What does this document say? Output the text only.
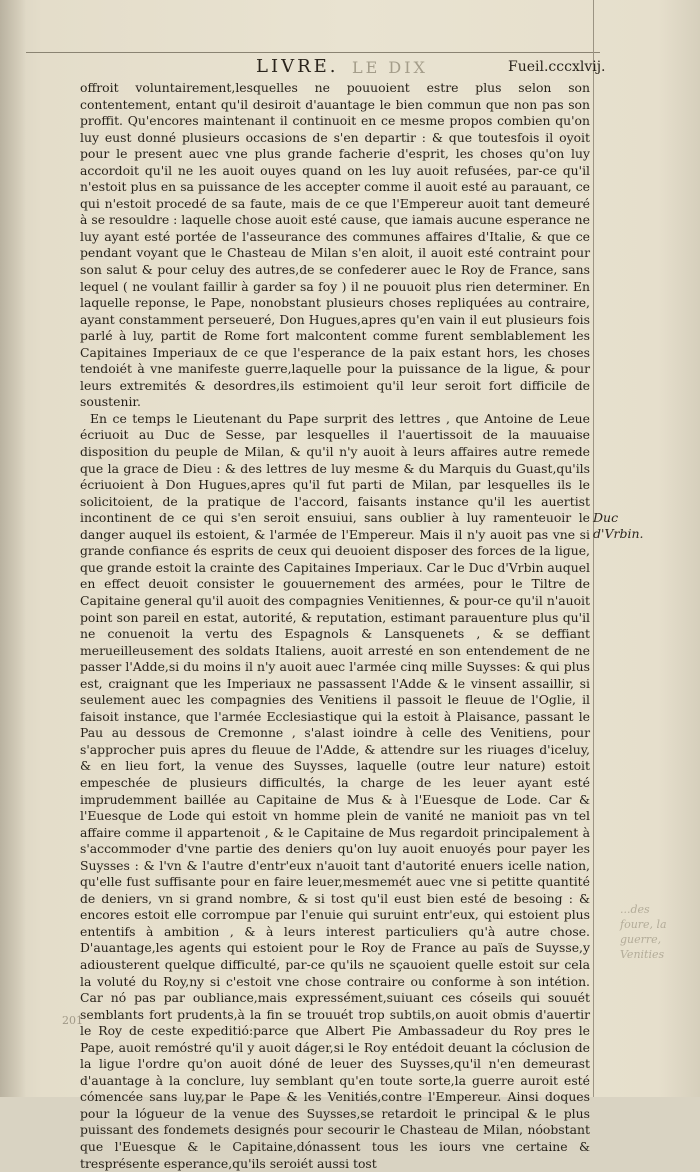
LIVRE. LE DIX	Fueil.cccxlvij.

offroit voluntairement,lesquelles ne pouuoient estre plus selon son contentement, entant qu'il desiroit d'auantage le bien commun que non pas son proffit. Qu'encores maintenant il continuoit en ce mesme propos combien qu'on luy eust donné plusieurs occasions de s'en departir : & que toutesfois il oyoit pour le present auec vne plus grande facherie d'esprit, les choses qu'on luy accordoit qu'il ne les auoit ouyes quand on les luy auoit refusées, par-ce qu'il n'estoit plus en sa puissance de les accepter comme il auoit esté au parauant, ce qui n'estoit procedé de sa faute, mais de ce que l'Empereur auoit tant demeuré à se resouldre : laquelle chose auoit esté cause, que iamais aucune esperance ne luy ayant esté portée de l'asseurance des communes affaires d'Italie, & que ce pendant voyant que le Chasteau de Milan s'en aloit, il auoit esté contraint pour son salut & pour celuy des autres,de se confederer auec le Roy de France, sans lequel ( ne voulant faillir à garder sa foy ) il ne pouuoit plus rien determiner. En laquelle reponse, le Pape, nonobstant plusieurs choses repliquées au contraire, ayant constamment perseueré, Don Hugues,apres qu'en vain il eut plusieurs fois parlé à luy, partit de Rome fort malcontent comme furent semblablement les Capitaines Imperiaux de ce que l'esperance de la paix estant hors, les choses tendoiét à vne manifeste guerre,laquelle pour la puissance de la ligue, & pour leurs extremités & desordres,ils estimoient qu'il leur seroit fort difficile de soustenir.

En ce temps le Lieutenant du Pape surprit des lettres , que Antoine de Leue écriuoit au Duc de Sesse, par lesquelles il l'auertissoit de la mauuaise disposition du peuple de Milan, & qu'il n'y auoit à leurs affaires autre remede que la grace de Dieu : & des lettres de luy mesme & du Marquis du Guast,qu'ils écriuoient à Don Hugues,apres qu'il fut parti de Milan, par lesquelles ils le solicitoient, de la pratique de l'accord, faisants instance qu'il les auertist incontinent de ce qui s'en seroit ensuiui, sans oublier à luy ramenteuoir le danger auquel ils estoient, & l'armée de l'Empereur. Mais il n'y auoit pas vne si grande confiance és esprits de ceux qui deuoient disposer des forces de la ligue, que grande estoit la crainte des Capitaines Imperiaux. Car le Duc d'Vrbin auquel en effect deuoit consister le gouuernement des armées, pour le Tiltre de Capitaine general qu'il auoit des compagnies Venitiennes, & pour-ce qu'il n'auoit point son pareil en estat, autorité, & reputation, estimant parauenture plus qu'il ne conuenoit la vertu des Espagnols & Lansquenets , & se deffiant merueilleusement des soldats Italiens, auoit arresté en son entendement de ne passer l'Adde,si du moins il n'y auoit auec l'armée cinq mille Suysses: & qui plus est, craignant que les Imperiaux ne passassent l'Adde & le vinsent assaillir, si seulement auec les compagnies des Venitiens il passoit le fleuue de l'Oglie, il faisoit instance, que l'armée Ecclesiastique qui la estoit à Plaisance, passant le Pau au dessous de Cremonne , s'alast ioindre à celle des Venitiens, pour s'approcher puis apres du fleuue de l'Adde, & attendre sur les riuages d'iceluy, & en lieu fort, la venue des Suysses, laquelle (outre leur nature) estoit empeschée de plusieurs difficultés, la charge de les leuer ayant esté imprudemment baillée au Capitaine de Mus & à l'Euesque de Lode. Car & l'Euesque de Lode qui estoit vn homme plein de vanité ne manioit pas vn tel affaire comme il appartenoit , & le Capitaine de Mus regardoit principalement à s'accommoder d'vne partie des deniers qu'on luy auoit enuoyés pour payer les Suysses : & l'vn & l'autre d'entr'eux n'auoit tant d'autorité enuers icelle nation, qu'elle fust suffisante pour en faire leuer,mesmemét auec vne si petitte quantité de deniers, vn si grand nombre, & si tost qu'il eust bien esté de besoing : & encores estoit elle corrompue par l'enuie qui suruint entr'eux, qui estoient plus ententifs à ambition , & à leurs interest particuliers qu'à autre chose. D'auantage,les agents qui estoient pour le Roy de France au païs de Suysse,y adiousterent quelque difficulté, par-ce qu'ils ne sçauoient quelle estoit sur cela la voluté du Roy,ny si c'estoit vne chose contraire ou conforme à son intétion. Car nó pas par oubliance,mais expressément,suiuant ces cóseils qui souuét semblants fort prudents,à la fin se trouuét trop subtils,on auoit obmis d'auertir le Roy de ceste expeditió:parce que Albert Pie Ambassadeur du Roy pres le Pape, auoit remóstré qu'il y auoit dáger,si le Roy entédoit deuant la cóclusion de la ligue l'ordre qu'on auoit dóné de leuer des Suysses,qu'il n'en demeurast d'auantage à la conclure, luy semblant qu'en toute sorte,la guerre auroit esté cómencée sans luy,par le Pape & les Venitiés,contre l'Empereur. Ainsi doques pour la lógueur de la venue des Suysses,se retardoit le principal & le plus puissant des fondemets designés pour secourir le Chasteau de Milan, nóobstant que l'Euesque & le Capitaine,dónassent tous les iours vne certaine & tresprésente esperance,qu'ils seroiét aussi tost

Duc d'Vrbin.
...des foure, la guerre, Venities
201
